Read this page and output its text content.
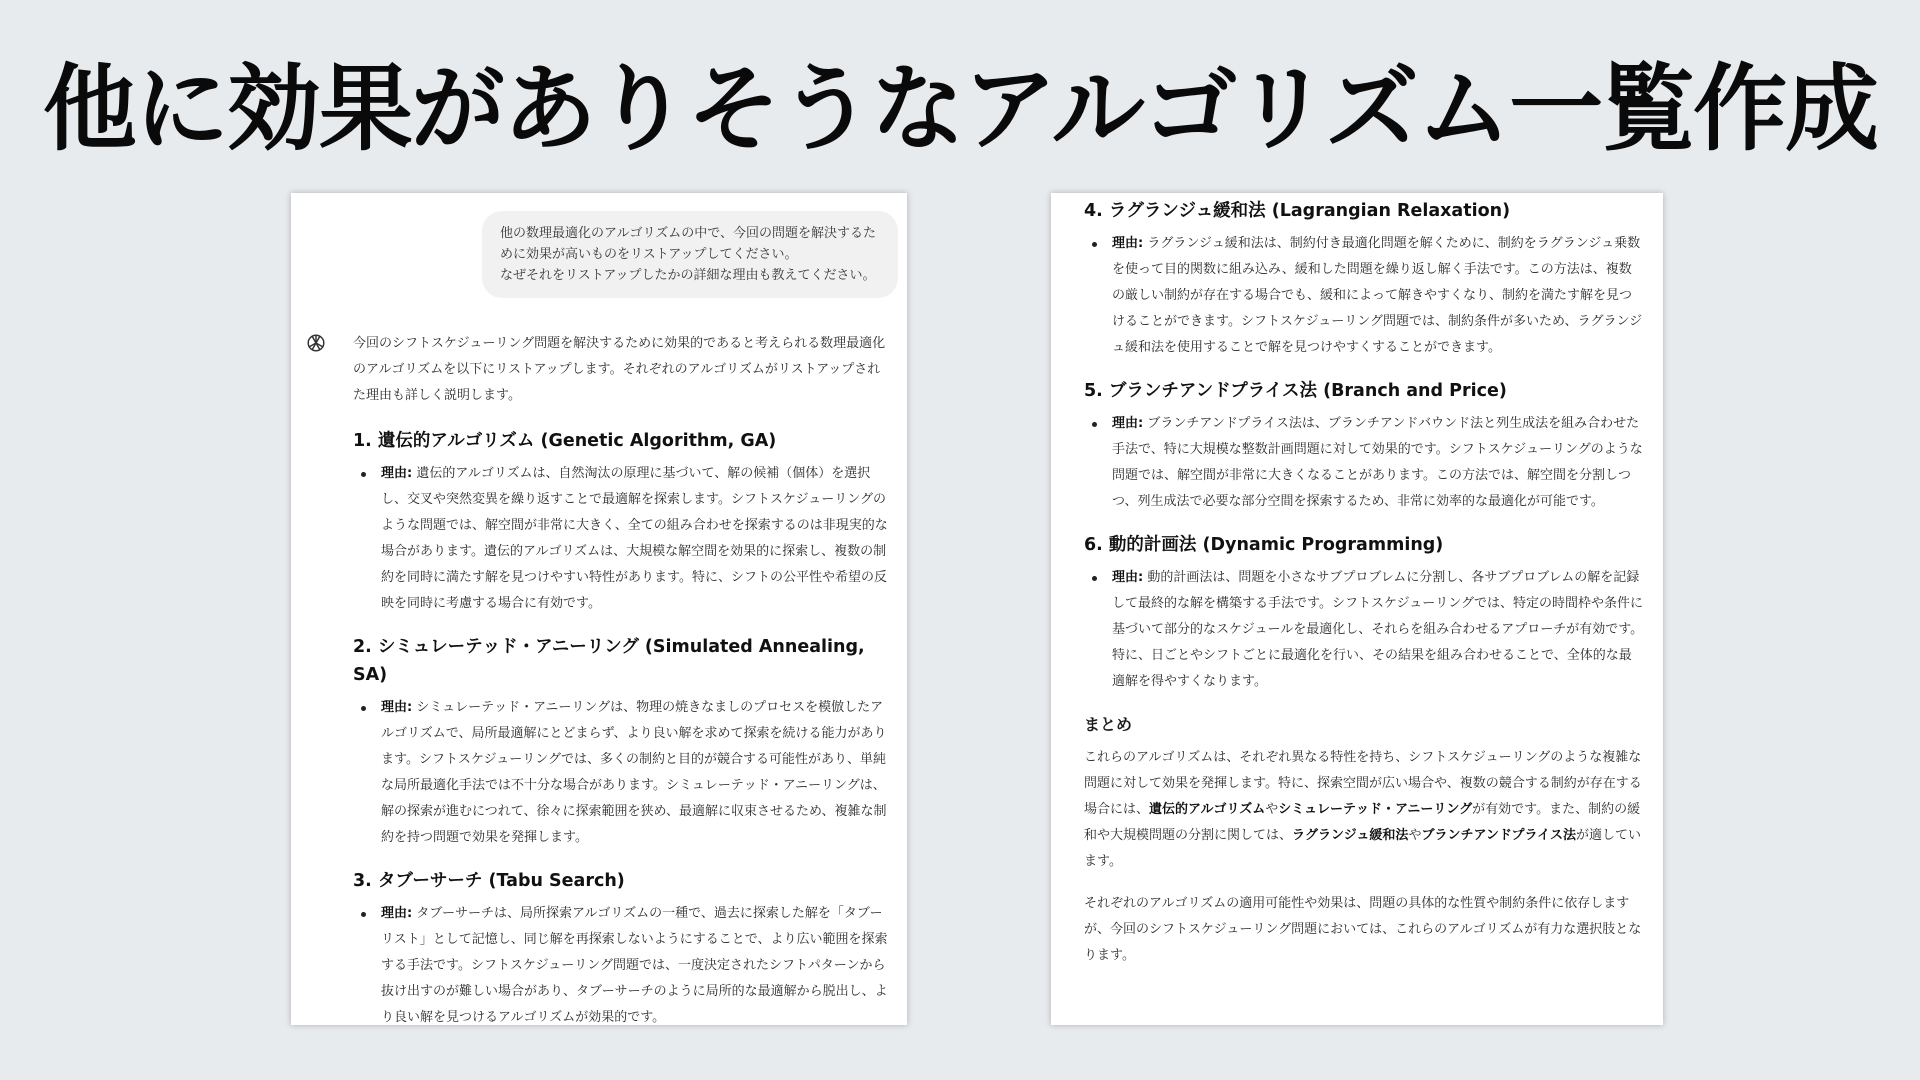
他に効果がありそうなアルゴリズム一覧作成
他の数理最適化のアルゴリズムの中で、今回の問題を解決するた
めに効果が高いものをリストアップしてください。
なぜそれをリストアップしたかの詳細な理由も教えてください。

今回のシフトスケジューリング問題を解決するために効果的であると考えられる数理最適化のアルゴリズムを以下にリストアップします。それぞれのアルゴリズムがリストアップされた理由も詳しく説明します。

1. 遺伝的アルゴリズム (Genetic Algorithm, GA)
理由: 遺伝的アルゴリズムは、自然淘汰の原理に基づいて、解の候補（個体）を選択し、交叉や突然変異を繰り返すことで最適解を探索します。シフトスケジューリングのような問題では、解空間が非常に大きく、全ての組み合わせを探索するのは非現実的な場合があります。遺伝的アルゴリズムは、大規模な解空間を効果的に探索し、複数の制約を同時に満たす解を見つけやすい特性があります。特に、シフトの公平性や希望の反映を同時に考慮する場合に有効です。
2. シミュレーテッド・アニーリング (Simulated Annealing, SA)
理由: シミュレーテッド・アニーリングは、物理の焼きなましのプロセスを模倣したアルゴリズムで、局所最適解にとどまらず、より良い解を求めて探索を続ける能力があります。シフトスケジューリングでは、多くの制約と目的が競合する可能性があり、単純な局所最適化手法では不十分な場合があります。シミュレーテッド・アニーリングは、解の探索が進むにつれて、徐々に探索範囲を狭め、最適解に収束させるため、複雑な制約を持つ問題で効果を発揮します。
3. タブーサーチ (Tabu Search)
理由: タブーサーチは、局所探索アルゴリズムの一種で、過去に探索した解を「タブーリスト」として記憶し、同じ解を再探索しないようにすることで、より広い範囲を探索する手法です。シフトスケジューリング問題では、一度決定されたシフトパターンから抜け出すのが難しい場合があり、タブーサーチのように局所的な最適解から脱出し、より良い解を見つけるアルゴリズムが効果的です。
4. ラグランジュ緩和法 (Lagrangian Relaxation)
理由: ラグランジュ緩和法は、制約付き最適化問題を解くために、制約をラグランジュ乗数を使って目的関数に組み込み、緩和した問題を繰り返し解く手法です。この方法は、複数の厳しい制約が存在する場合でも、緩和によって解きやすくなり、制約を満たす解を見つけることができます。シフトスケジューリング問題では、制約条件が多いため、ラグランジュ緩和法を使用することで解を見つけやすくすることができます。
5. ブランチアンドプライス法 (Branch and Price)
理由: ブランチアンドプライス法は、ブランチアンドバウンド法と列生成法を組み合わせた手法で、特に大規模な整数計画問題に対して効果的です。シフトスケジューリングのような問題では、解空間が非常に大きくなることがあります。この方法では、解空間を分割しつつ、列生成法で必要な部分空間を探索するため、非常に効率的な最適化が可能です。
6. 動的計画法 (Dynamic Programming)
理由: 動的計画法は、問題を小さなサブプロブレムに分割し、各サブプロブレムの解を記録して最終的な解を構築する手法です。シフトスケジューリングでは、特定の時間枠や条件に基づいて部分的なスケジュールを最適化し、それらを組み合わせるアプローチが有効です。特に、日ごとやシフトごとに最適化を行い、その結果を組み合わせることで、全体的な最適解を得やすくなります。
まとめ

これらのアルゴリズムは、それぞれ異なる特性を持ち、シフトスケジューリングのような複雑な問題に対して効果を発揮します。特に、探索空間が広い場合や、複数の競合する制約が存在する場合には、遺伝的アルゴリズムやシミュレーテッド・アニーリングが有効です。また、制約の緩和や大規模問題の分割に関しては、ラグランジュ緩和法やブランチアンドプライス法が適しています。

それぞれのアルゴリズムの適用可能性や効果は、問題の具体的な性質や制約条件に依存しますが、今回のシフトスケジューリング問題においては、これらのアルゴリズムが有力な選択肢となります。
